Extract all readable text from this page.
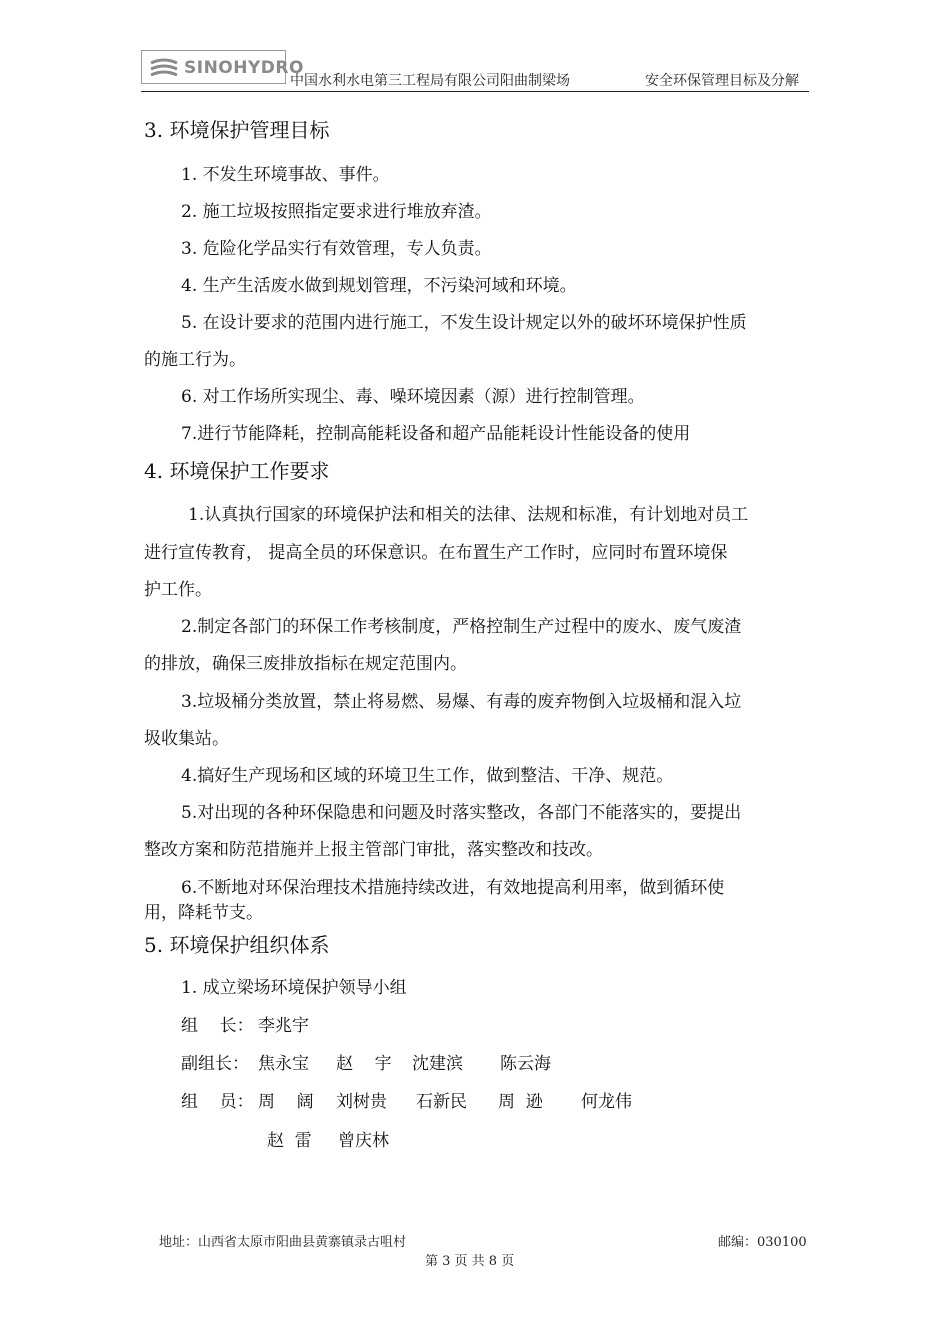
SINOHYDRO
中国水利水电第三工程局有限公司阳曲制梁场	安全环保管理目标及分解
3. 环境保护管理目标
1. 不发生环境事故、事件。
2. 施工垃圾按照指定要求进行堆放弃渣。
3. 危险化学品实行有效管理，专人负责。
4. 生产生活废水做到规划管理，不污染河域和环境。
5. 在设计要求的范围内进行施工，不发生设计规定以外的破坏环境保护性质
的施工行为。
6. 对工作场所实现尘、毒、噪环境因素（源）进行控制管理。
7.进行节能降耗，控制高能耗设备和超产品能耗设计性能设备的使用
4. 环境保护工作要求
1.认真执行国家的环境保护法和相关的法律、法规和标准，有计划地对员工
进行宣传教育， 提高全员的环保意识。在布置生产工作时，应同时布置环境保
护工作。
2.制定各部门的环保工作考核制度，严格控制生产过程中的废水、废气废渣
的排放，确保三废排放指标在规定范围内。
3.垃圾桶分类放置，禁止将易燃、易爆、有毒的废弃物倒入垃圾桶和混入垃
圾收集站。
4.搞好生产现场和区域的环境卫生工作，做到整洁、干净、规范。
5.对出现的各种环保隐患和问题及时落实整改，各部门不能落实的，要提出
整改方案和防范措施并上报主管部门审批，落实整改和技改。
6.不断地对环保治理技术措施持续改进，有效地提高利用率，做到循环使
用，降耗节支。
5. 环境保护组织体系
1. 成立梁场环境保护领导小组
组    长： 李兆宇
副组长： 焦永宝 赵    宇 沈建滨 陈云海
组    员： 周    阔 刘树贵 石新民 周  逊 何龙伟
赵  雷 曾庆林
地址：山西省太原市阳曲县黄寨镇录古咀村	邮编：030100
第 3 页 共 8 页
